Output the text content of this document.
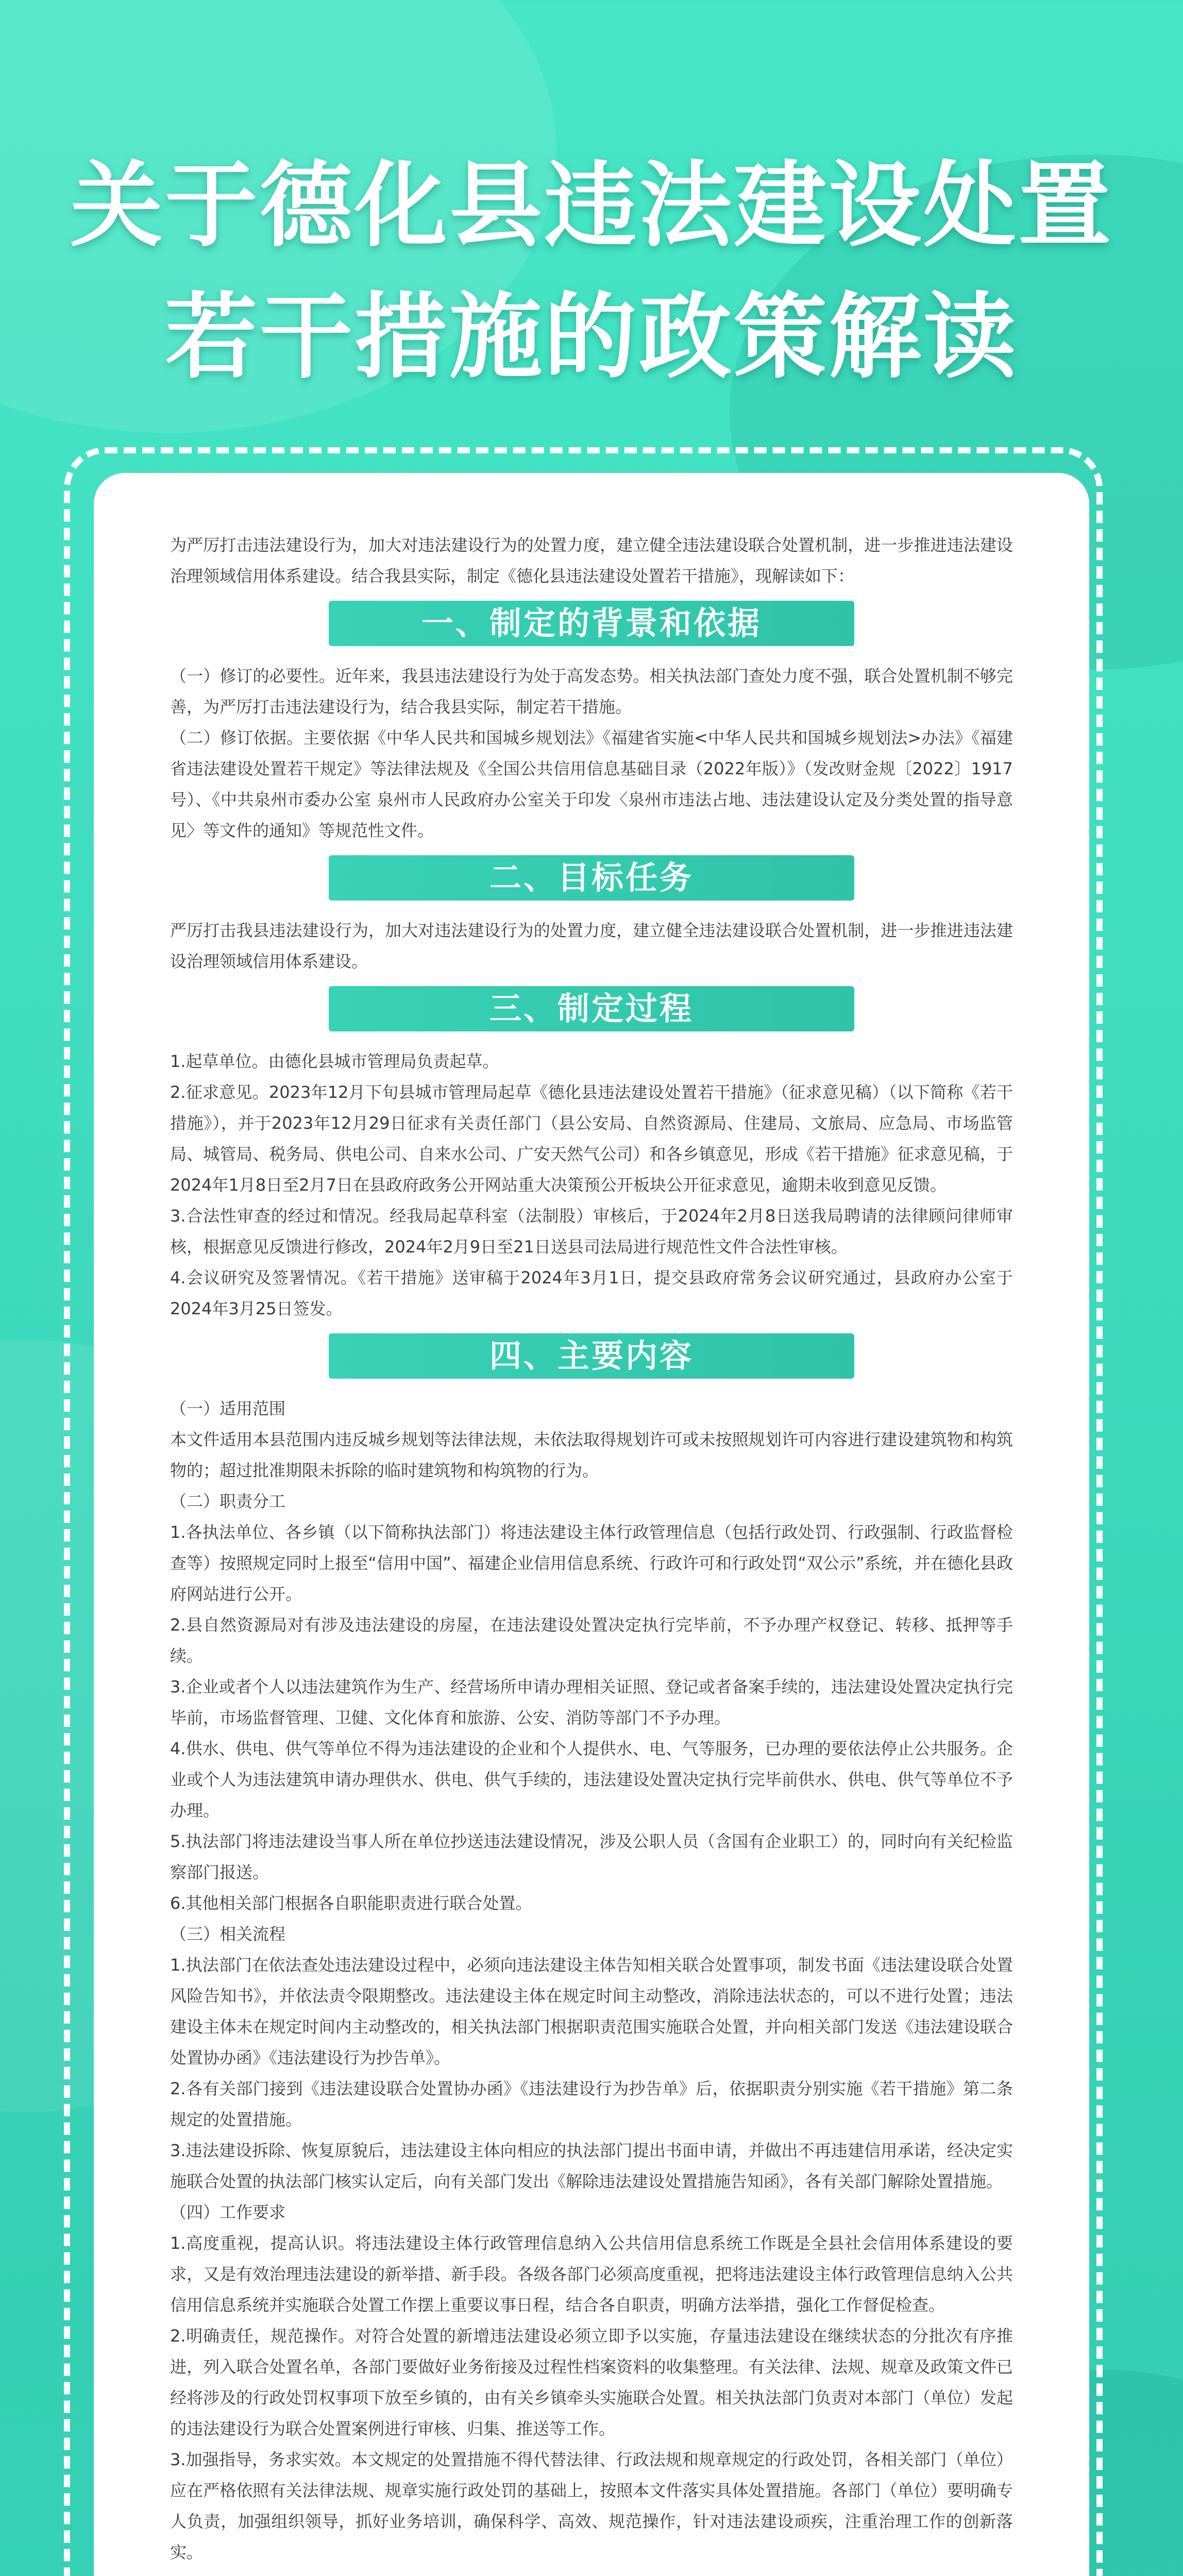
关于德化县违法建设处置
若干措施的政策解读

为严厉打击违法建设行为，加大对违法建设行为的处置力度，建立健全违法建设联合处置机制，进一步推进违法建设治理领域信用体系建设。结合我县实际，制定《德化县违法建设处置若干措施》，现解读如下：

一、制定的背景和依据

（一）修订的必要性。近年来，我县违法建设行为处于高发态势。相关执法部门查处力度不强，联合处置机制不够完善，为严厉打击违法建设行为，结合我县实际，制定若干措施。

（二）修订依据。主要依据《中华人民共和国城乡规划法》《福建省实施<中华人民共和国城乡规划法>办法》《福建省违法建设处置若干规定》等法律法规及《全国公共信用信息基础目录（2022年版）》（发改财金规〔2022〕1917号）、《中共泉州市委办公室 泉州市人民政府办公室关于印发〈泉州市违法占地、违法建设认定及分类处置的指导意见〉等文件的通知》等规范性文件。

二、目标任务

严厉打击我县违法建设行为，加大对违法建设行为的处置力度，建立健全违法建设联合处置机制，进一步推进违法建设治理领域信用体系建设。

三、制定过程

1.起草单位。由德化县城市管理局负责起草。

2.征求意见。2023年12月下旬县城市管理局起草《德化县违法建设处置若干措施》（征求意见稿）（以下简称《若干措施》），并于2023年12月29日征求有关责任部门（县公安局、自然资源局、住建局、文旅局、应急局、市场监管局、城管局、税务局、供电公司、自来水公司、广安天然气公司）和各乡镇意见，形成《若干措施》征求意见稿，于2024年1月8日至2月7日在县政府政务公开网站重大决策预公开板块公开征求意见，逾期未收到意见反馈。

3.合法性审查的经过和情况。经我局起草科室（法制股）审核后，于2024年2月8日送我局聘请的法律顾问律师审核，根据意见反馈进行修改，2024年2月9日至21日送县司法局进行规范性文件合法性审核。

4.会议研究及签署情况。《若干措施》送审稿于2024年3月1日，提交县政府常务会议研究通过，县政府办公室于2024年3月25日签发。

四、主要内容

（一）适用范围

本文件适用本县范围内违反城乡规划等法律法规，未依法取得规划许可或未按照规划许可内容进行建设建筑物和构筑物的；超过批准期限未拆除的临时建筑物和构筑物的行为。

（二）职责分工

1.各执法单位、各乡镇（以下简称执法部门）将违法建设主体行政管理信息（包括行政处罚、行政强制、行政监督检查等）按照规定同时上报至“信用中国”、福建企业信用信息系统、行政许可和行政处罚“双公示”系统，并在德化县政府网站进行公开。

2.县自然资源局对有涉及违法建设的房屋，在违法建设处置决定执行完毕前，不予办理产权登记、转移、抵押等手续。

3.企业或者个人以违法建筑作为生产、经营场所申请办理相关证照、登记或者备案手续的，违法建设处置决定执行完毕前，市场监督管理、卫健、文化体育和旅游、公安、消防等部门不予办理。

4.供水、供电、供气等单位不得为违法建设的企业和个人提供水、电、气等服务，已办理的要依法停止公共服务。企业或个人为违法建筑申请办理供水、供电、供气手续的，违法建设处置决定执行完毕前供水、供电、供气等单位不予办理。

5.执法部门将违法建设当事人所在单位抄送违法建设情况，涉及公职人员（含国有企业职工）的，同时向有关纪检监察部门报送。

6.其他相关部门根据各自职能职责进行联合处置。

（三）相关流程

1.执法部门在依法查处违法建设过程中，必须向违法建设主体告知相关联合处置事项，制发书面《违法建设联合处置风险告知书》，并依法责令限期整改。违法建设主体在规定时间主动整改，消除违法状态的，可以不进行处置；违法建设主体未在规定时间内主动整改的，相关执法部门根据职责范围实施联合处置，并向相关部门发送《违法建设联合处置协办函》《违法建设行为抄告单》。

2.各有关部门接到《违法建设联合处置协办函》《违法建设行为抄告单》后，依据职责分别实施《若干措施》第二条规定的处置措施。

3.违法建设拆除、恢复原貌后，违法建设主体向相应的执法部门提出书面申请，并做出不再违建信用承诺，经决定实施联合处置的执法部门核实认定后，向有关部门发出《解除违法建设处置措施告知函》，各有关部门解除处置措施。

（四）工作要求

1.高度重视，提高认识。将违法建设主体行政管理信息纳入公共信用信息系统工作既是全县社会信用体系建设的要求，又是有效治理违法建设的新举措、新手段。各级各部门必须高度重视，把将违法建设主体行政管理信息纳入公共信用信息系统并实施联合处置工作摆上重要议事日程，结合各自职责，明确方法举措，强化工作督促检查。

2.明确责任，规范操作。对符合处置的新增违法建设必须立即予以实施，存量违法建设在继续状态的分批次有序推进，列入联合处置名单，各部门要做好业务衔接及过程性档案资料的收集整理。有关法律、法规、规章及政策文件已经将涉及的行政处罚权事项下放至乡镇的，由有关乡镇牵头实施联合处置。相关执法部门负责对本部门（单位）发起的违法建设行为联合处置案例进行审核、归集、推送等工作。

3.加强指导，务求实效。本文规定的处置措施不得代替法律、行政法规和规章规定的行政处罚，各相关部门（单位）应在严格依照有关法律法规、规章实施行政处罚的基础上，按照本文件落实具体处置措施。各部门（单位）要明确专人负责，加强组织领导，抓好业务培训，确保科学、高效、规范操作，针对违法建设顽疾，注重治理工作的创新落实。
